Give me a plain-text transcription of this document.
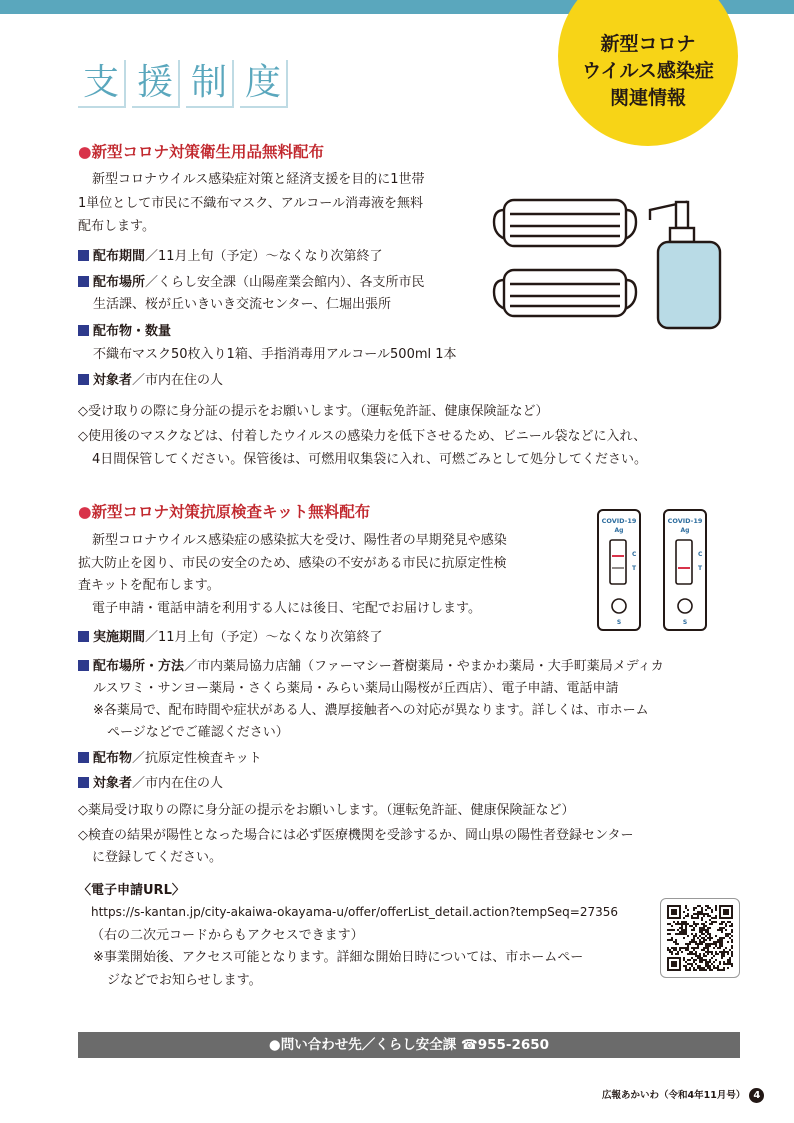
新型コロナ
ウイルス感染症
関連情報
支 援 制 度
●新型コロナ対策衛生用品無料配布
新型コロナウイルス感染症対策と経済支援を目的に1世帯
1単位として市民に不織布マスク、アルコール消毒液を無料
配布します。
配布期間／11月上旬（予定）～なくなり次第終了
配布場所／くらし安全課（山陽産業会館内）、各支所市民
生活課、桜が丘いきいき交流センター、仁堀出張所
配布物・数量
不織布マスク50枚入り1箱、手指消毒用アルコール500ml 1本
対象者／市内在住の人
◇受け取りの際に身分証の提示をお願いします。（運転免許証、健康保険証など）
◇使用後のマスクなどは、付着したウイルスの感染力を低下させるため、ビニール袋などに入れ、
4日間保管してください。保管後は、可燃用収集袋に入れ、可燃ごみとして処分してください。
●新型コロナ対策抗原検査キット無料配布
新型コロナウイルス感染症の感染拡大を受け、陽性者の早期発見や感染
拡大防止を図り、市民の安全のため、感染の不安がある市民に抗原定性検
査キットを配布します。
電子申請・電話申請を利用する人には後日、宅配でお届けします。
実施期間／11月上旬（予定）～なくなり次第終了
配布場所・方法／市内薬局協力店舗（ファーマシー蒼樹薬局・やまかわ薬局・大手町薬局メディカ
ルスワミ・サンヨー薬局・さくら薬局・みらい薬局山陽桜が丘西店）、電子申請、電話申請
※各薬局で、配布時間や症状がある人、濃厚接触者への対応が異なります。詳しくは、市ホーム
ページなどでご確認ください）
配布物／抗原定性検査キット
対象者／市内在住の人
◇薬局受け取りの際に身分証の提示をお願いします。（運転免許証、健康保険証など）
◇検査の結果が陽性となった場合には必ず医療機関を受診するか、岡山県の陽性者登録センター
に登録してください。
COVID-19
Ag
C
T
S
COVID-19
Ag
C
T
S
〈電子申請URL〉
https://s-kantan.jp/city-akaiwa-okayama-u/offer/offerList_detail.action?tempSeq=27356
（右の二次元コードからもアクセスできます）
※事業開始後、アクセス可能となります。詳細な開始日時については、市ホームペー
ジなどでお知らせします。
●問い合わせ先／くらし安全課 ☎955-2650
広報あかいわ（令和4年11月号） 4
